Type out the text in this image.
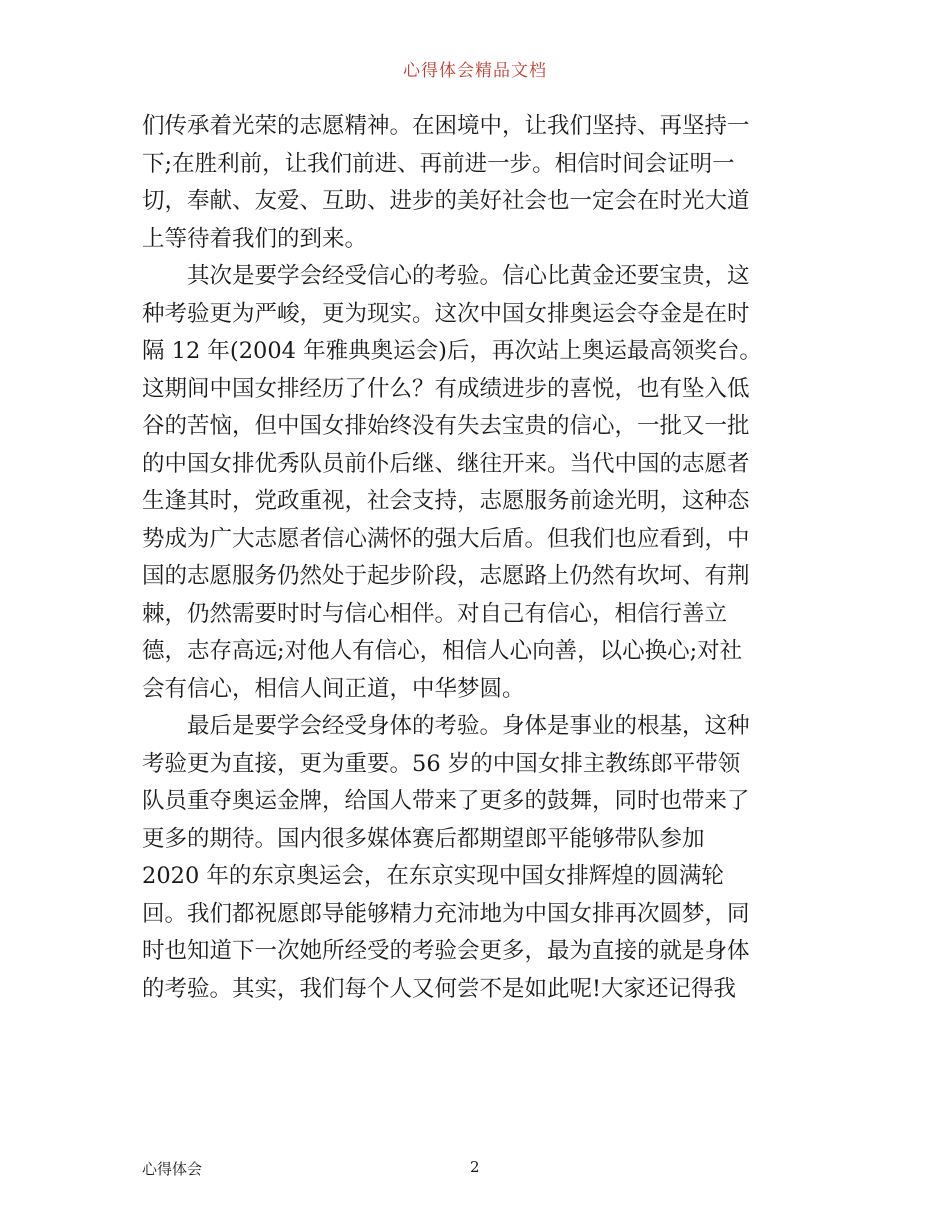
心得体会精品文档
们传承着光荣的志愿精神。在困境中，让我们坚持、再坚持一
下;在胜利前，让我们前进、再前进一步。相信时间会证明一
切，奉献、友爱、互助、进步的美好社会也一定会在时光大道
上等待着我们的到来。
　　其次是要学会经受信心的考验。信心比黄金还要宝贵，这
种考验更为严峻，更为现实。这次中国女排奥运会夺金是在时
隔 12 年(2004 年雅典奥运会)后，再次站上奥运最高领奖台。
这期间中国女排经历了什么？有成绩进步的喜悦，也有坠入低
谷的苦恼，但中国女排始终没有失去宝贵的信心，一批又一批
的中国女排优秀队员前仆后继、继往开来。当代中国的志愿者
生逢其时，党政重视，社会支持，志愿服务前途光明，这种态
势成为广大志愿者信心满怀的强大后盾。但我们也应看到，中
国的志愿服务仍然处于起步阶段，志愿路上仍然有坎坷、有荆
棘，仍然需要时时与信心相伴。对自己有信心，相信行善立
德，志存高远;对他人有信心，相信人心向善，以心换心;对社
会有信心，相信人间正道，中华梦圆。
　　最后是要学会经受身体的考验。身体是事业的根基，这种
考验更为直接，更为重要。56 岁的中国女排主教练郎平带领
队员重夺奥运金牌，给国人带来了更多的鼓舞，同时也带来了
更多的期待。国内很多媒体赛后都期望郎平能够带队参加
2020 年的东京奥运会，在东京实现中国女排辉煌的圆满轮
回。我们都祝愿郎导能够精力充沛地为中国女排再次圆梦，同
时也知道下一次她所经受的考验会更多，最为直接的就是身体
的考验。其实，我们每个人又何尝不是如此呢!大家还记得我
心得体会	2
